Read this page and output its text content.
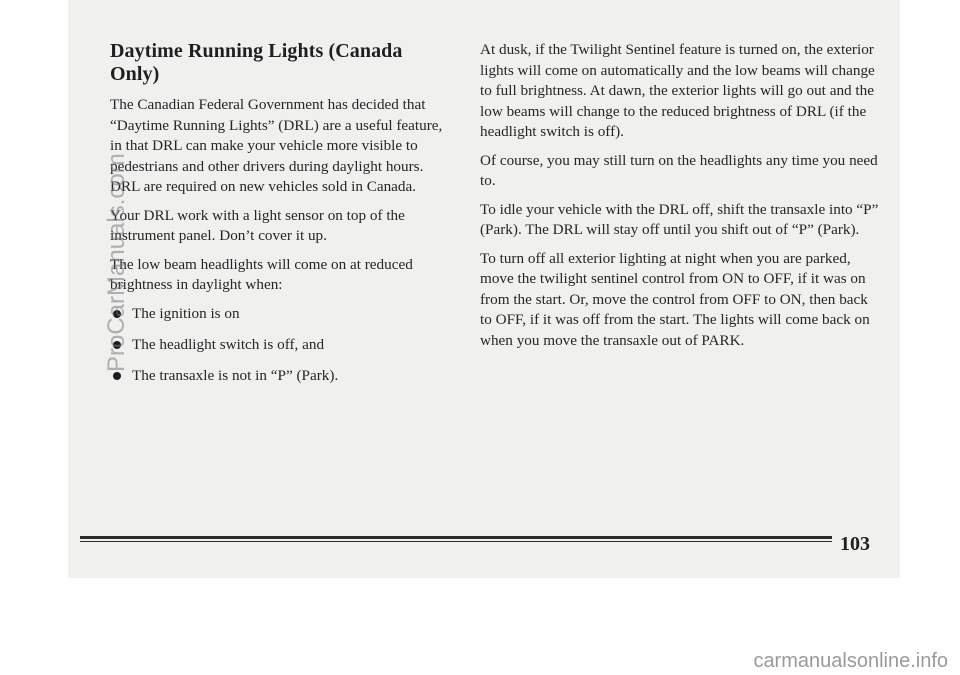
Daytime Running Lights (Canada Only)

The Canadian Federal Government has decided that “Daytime Running Lights” (DRL) are a useful feature, in that DRL can make your vehicle more visible to pedestrians and other drivers during daylight hours. DRL are required on new vehicles sold in Canada.

Your DRL work with a light sensor on top of the instrument panel. Don’t cover it up.

The low beam headlights will come on at reduced brightness in daylight when:

The ignition is on
The headlight switch is off, and
The transaxle is not in “P” (Park).

At dusk, if the Twilight Sentinel feature is turned on, the exterior lights will come on automatically and the low beams will change to full brightness. At dawn, the exterior lights will go out and the low beams will change to the reduced brightness of DRL (if the headlight switch is off).

Of course, you may still turn on the headlights any time you need to.

To idle your vehicle with the DRL off, shift the transaxle into “P” (Park). The DRL will stay off until you shift out of “P” (Park).

To turn off all exterior lighting at night when you are parked, move the twilight sentinel control from ON to OFF, if it was on from the start. Or, move the control from OFF to ON, then back to OFF, if it was off from the start. The lights will come back on when you move the transaxle out of PARK.

103
ProCarManuals.com
carmanualsonline.info
